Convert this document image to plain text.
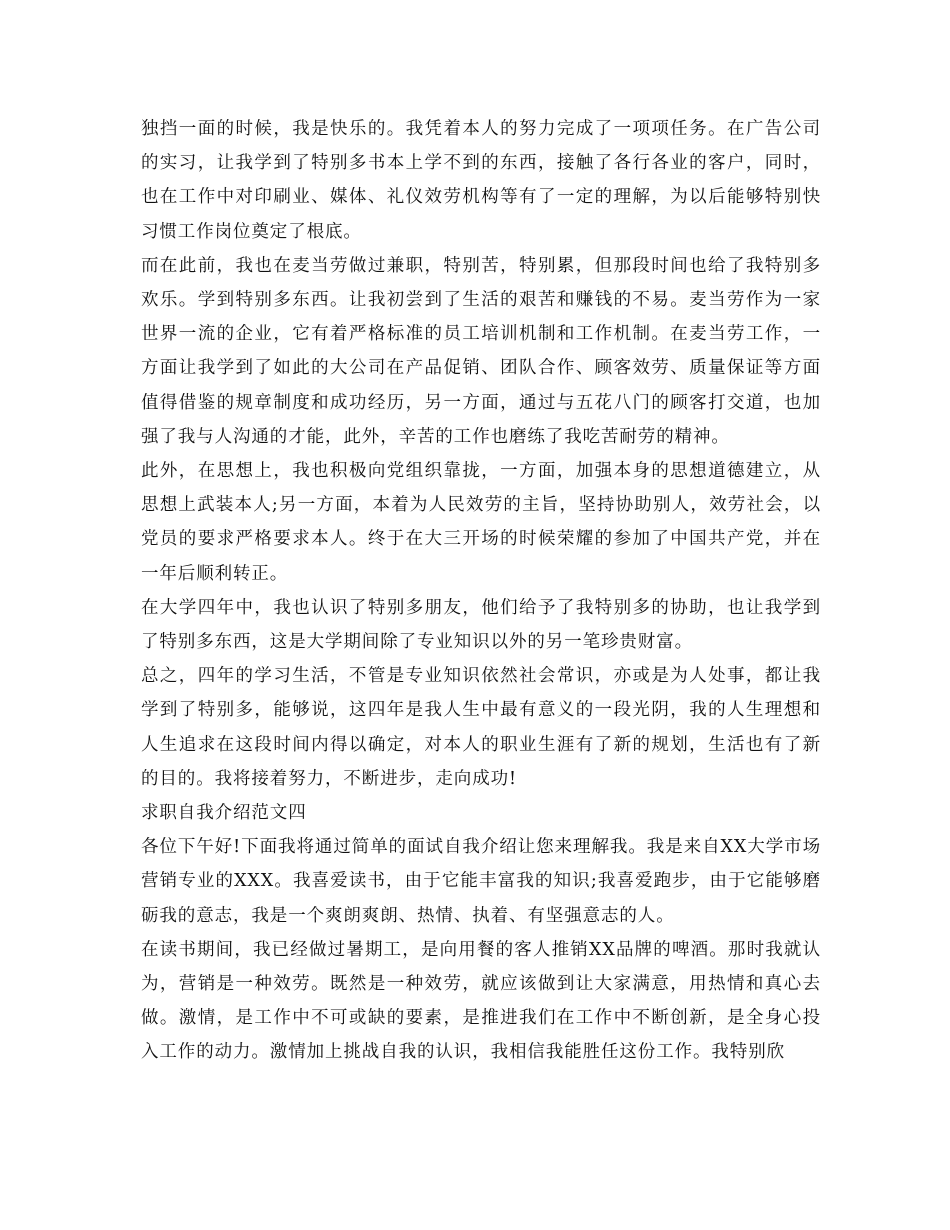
独挡一面的时候，我是快乐的。我凭着本人的努力完成了一项项任务。在广告公司的实习，让我学到了特别多书本上学不到的东西，接触了各行各业的客户，同时，也在工作中对印刷业、媒体、礼仪效劳机构等有了一定的理解，为以后能够特别快习惯工作岗位奠定了根底。

而在此前，我也在麦当劳做过兼职，特别苦，特别累，但那段时间也给了我特别多欢乐。学到特别多东西。让我初尝到了生活的艰苦和赚钱的不易。麦当劳作为一家世界一流的企业，它有着严格标准的员工培训机制和工作机制。在麦当劳工作，一方面让我学到了如此的大公司在产品促销、团队合作、顾客效劳、质量保证等方面值得借鉴的规章制度和成功经历，另一方面，通过与五花八门的顾客打交道，也加强了我与人沟通的才能，此外，辛苦的工作也磨练了我吃苦耐劳的精神。

此外，在思想上，我也积极向党组织靠拢，一方面，加强本身的思想道德建立，从思想上武装本人;另一方面，本着为人民效劳的主旨，坚持协助别人，效劳社会，以党员的要求严格要求本人。终于在大三开场的时候荣耀的参加了中国共产党，并在一年后顺利转正。

在大学四年中，我也认识了特别多朋友，他们给予了我特别多的协助，也让我学到了特别多东西，这是大学期间除了专业知识以外的另一笔珍贵财富。

总之，四年的学习生活，不管是专业知识依然社会常识，亦或是为人处事，都让我学到了特别多，能够说，这四年是我人生中最有意义的一段光阴，我的人生理想和人生追求在这段时间内得以确定，对本人的职业生涯有了新的规划，生活也有了新的目的。我将接着努力，不断进步，走向成功!

求职自我介绍范文四

各位下午好!下面我将通过简单的面试自我介绍让您来理解我。我是来自XX大学市场营销专业的XXX。我喜爱读书，由于它能丰富我的知识;我喜爱跑步，由于它能够磨砺我的意志，我是一个爽朗爽朗、热情、执着、有坚强意志的人。

在读书期间，我已经做过暑期工，是向用餐的客人推销XX品牌的啤酒。那时我就认为，营销是一种效劳。既然是一种效劳，就应该做到让大家满意，用热情和真心去做。激情，是工作中不可或缺的要素，是推进我们在工作中不断创新，是全身心投入工作的动力。激情加上挑战自我的认识，我相信我能胜任这份工作。我特别欣
